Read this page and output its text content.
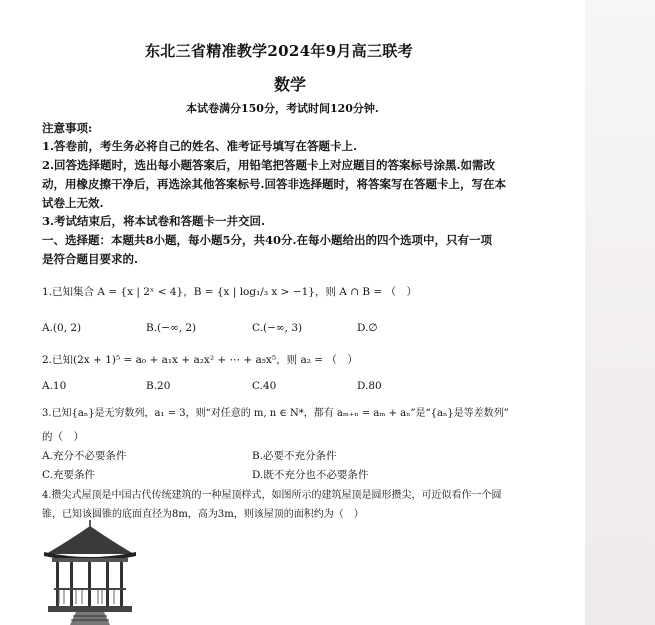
东北三省精准教学2024年9月高三联考
数学
本试卷满分150分，考试时间120分钟.
注意事项:
1.答卷前，考生务必将自己的姓名、准考证号填写在答题卡上.
2.回答选择题时，选出每小题答案后，用铅笔把答题卡上对应题目的答案标号涂黑.如需改
动，用橡皮擦干净后，再选涂其他答案标号.回答非选择题时，将答案写在答题卡上，写在本
试卷上无效.
3.考试结束后，将本试卷和答题卡一并交回.
一、选择题：本题共8小题，每小题5分，共40分.在每小题给出的四个选项中，只有一项
是符合题目要求的.
1.已知集合 A = {x | 2ˣ < 4}，B = {x | log₁/₃ x > −1}，则 A ∩ B = （　）
A.(0, 2)	B.(−∞, 2)	C.(−∞, 3)	D.∅
2.已知(2x + 1)⁵ = a₀ + a₁x + a₂x² + ⋯ + a₅x⁵，则 a₂ = （　）
A.10	B.20	C.40	D.80
3.已知{aₙ}是无穷数列，a₁ = 3，则“对任意的 m, n ∈ N*，都有 aₘ₊ₙ = aₘ + aₙ”是“{aₙ}是等差数列”
的（　）
A.充分不必要条件	B.必要不充分条件
C.充要条件	D.既不充分也不必要条件
4.攒尖式屋顶是中国古代传统建筑的一种屋顶样式，如图所示的建筑屋顶是圆形攒尖，可近似看作一个圆
锥，已知该圆锥的底面直径为8m，高为3m，则该屋顶的面积约为（　）
